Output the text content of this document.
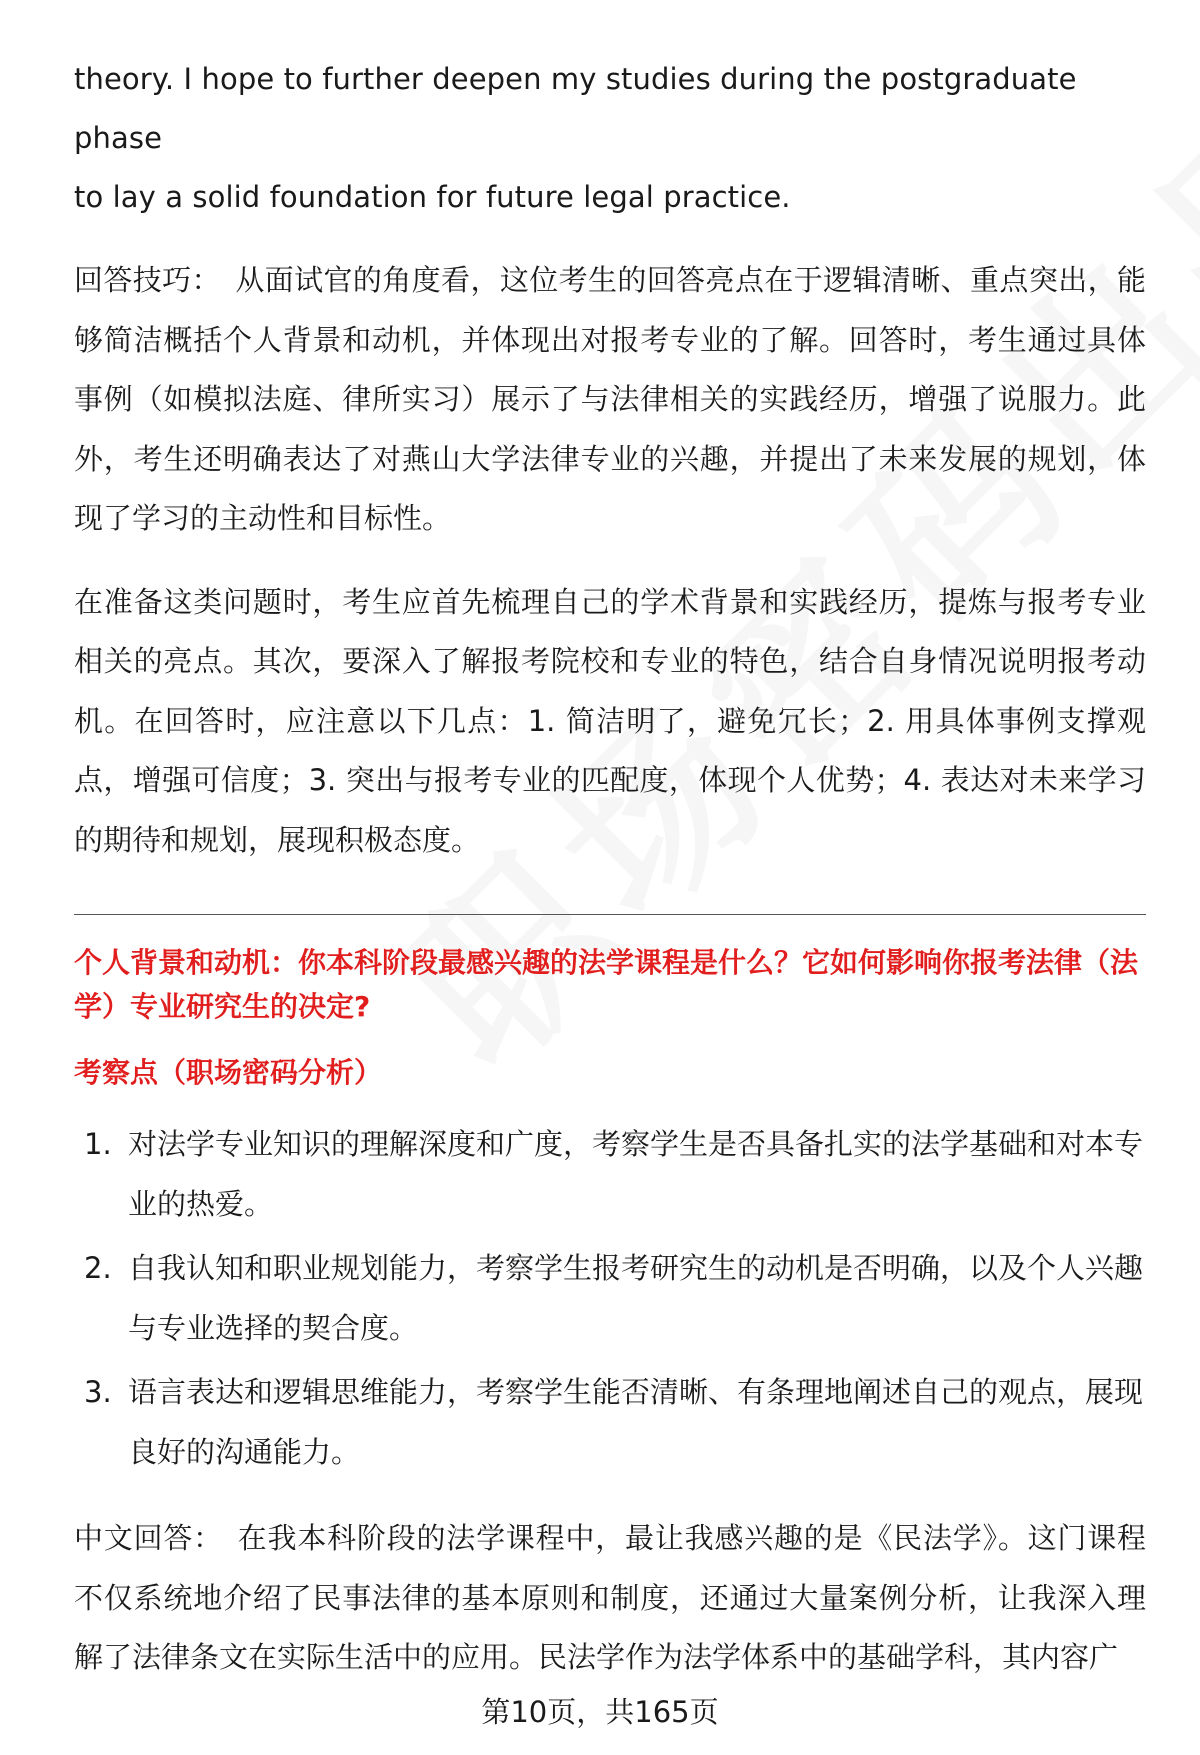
theory. I hope to further deepen my studies during the postgraduate phase

to lay a solid foundation for future legal practice.

回答技巧： 从面试官的角度看，这位考生的回答亮点在于逻辑清晰、重点突出，能够简洁概括个人背景和动机，并体现出对报考专业的了解。回答时，考生通过具体事例（如模拟法庭、律所实习）展示了与法律相关的实践经历，增强了说服力。此外，考生还明确表达了对燕山大学法律专业的兴趣，并提出了未来发展的规划，体现了学习的主动性和目标性。

在准备这类问题时，考生应首先梳理自己的学术背景和实践经历，提炼与报考专业相关的亮点。其次，要深入了解报考院校和专业的特色，结合自身情况说明报考动机。在回答时，应注意以下几点：1. 简洁明了，避免冗长；2. 用具体事例支撑观点，增强可信度；3. 突出与报考专业的匹配度，体现个人优势；4. 表达对未来学习的期待和规划，展现积极态度。

个人背景和动机：你本科阶段最感兴趣的法学课程是什么？它如何影响你报考法律（法学）专业研究生的决定?

考察点（职场密码分析）

1. 对法学专业知识的理解深度和广度，考察学生是否具备扎实的法学基础和对本专业的热爱。
2. 自我认知和职业规划能力，考察学生报考研究生的动机是否明确，以及个人兴趣与专业选择的契合度。
3. 语言表达和逻辑思维能力，考察学生能否清晰、有条理地阐述自己的观点，展现良好的沟通能力。

中文回答： 在我本科阶段的法学课程中，最让我感兴趣的是《民法学》。这门课程不仅系统地介绍了民事法律的基本原则和制度，还通过大量案例分析，让我深入理解了法律条文在实际生活中的应用。民法学作为法学体系中的基础学科，其内容广

第10页，共165页
